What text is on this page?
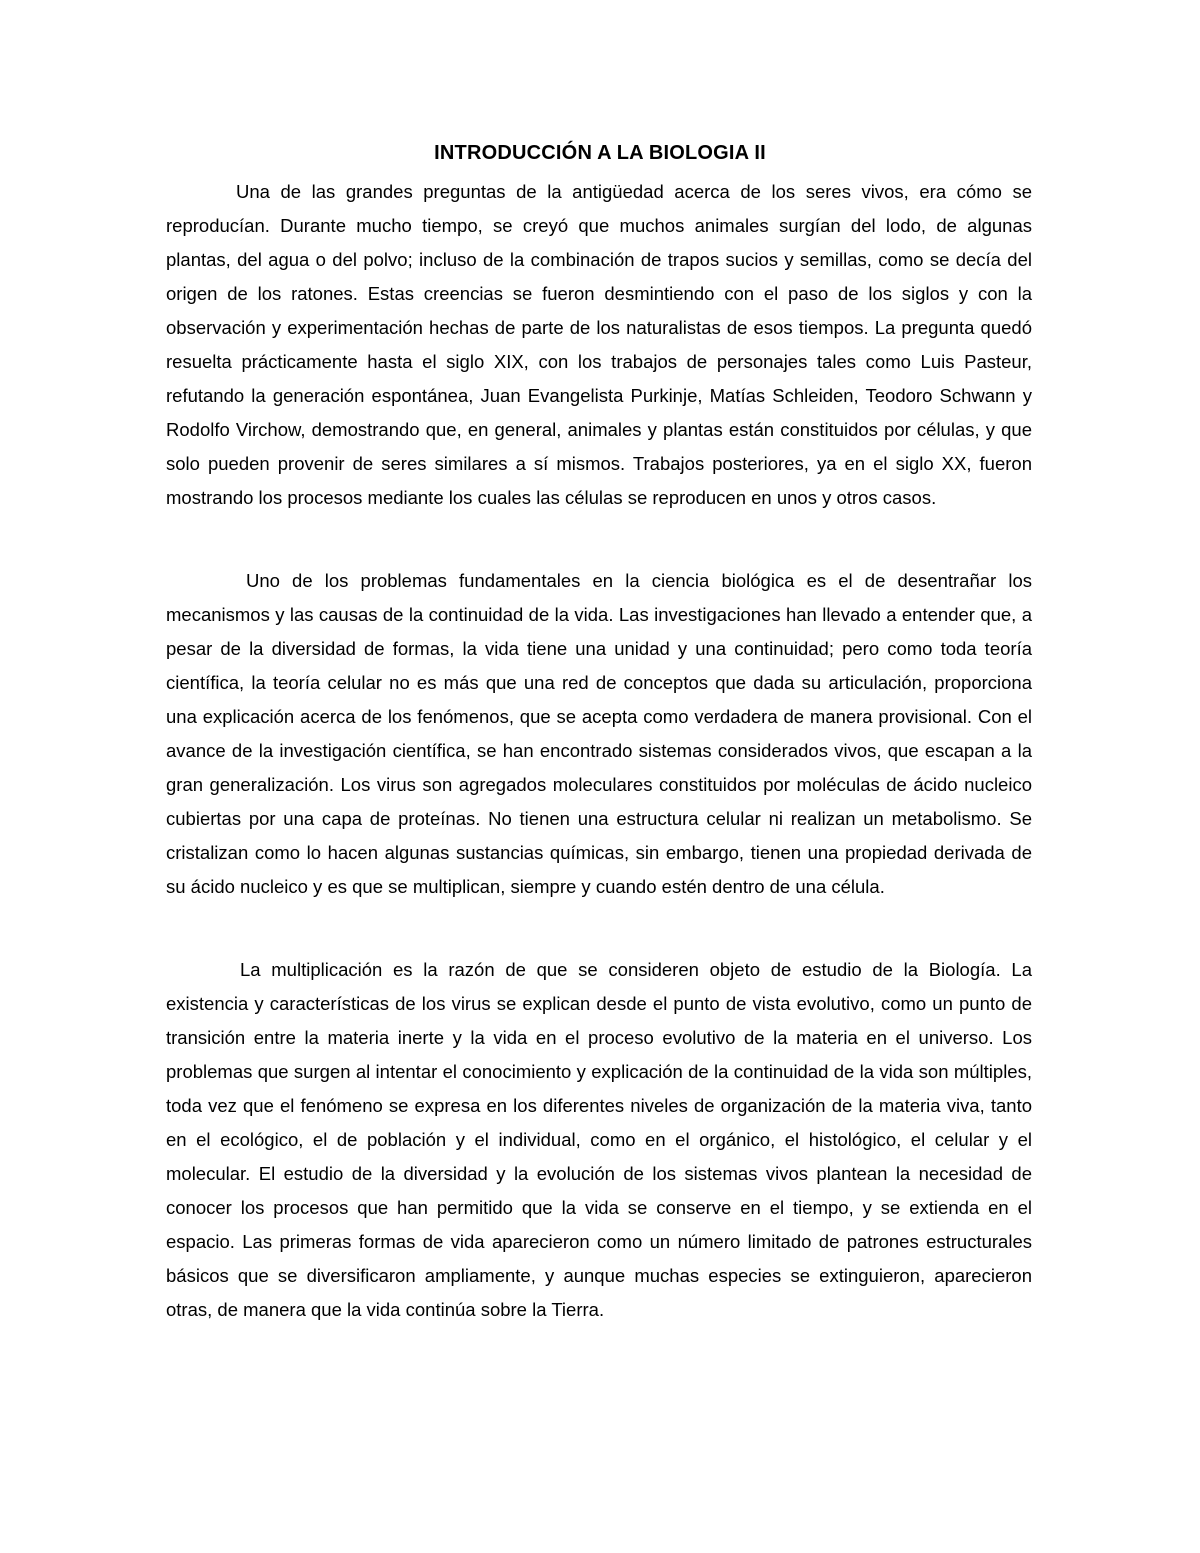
INTRODUCCIÓN A LA BIOLOGIA II

Una de las grandes preguntas de la antigüedad acerca de los seres vivos, era cómo se reproducían. Durante mucho tiempo, se creyó que muchos animales surgían del lodo, de algunas plantas, del agua o del polvo; incluso de la combinación de trapos sucios y semillas, como se decía del origen de los ratones. Estas creencias se fueron desmintiendo con el paso de los siglos y con la observación y experimentación hechas de parte de los naturalistas de esos tiempos. La pregunta quedó resuelta prácticamente hasta el siglo XIX, con los trabajos de personajes tales como Luis Pasteur, refutando la generación espontánea, Juan Evangelista Purkinje, Matías Schleiden, Teodoro Schwann y Rodolfo Virchow, demostrando que, en general, animales y plantas están constituidos por células, y que solo pueden provenir de seres similares a sí mismos. Trabajos posteriores, ya en el siglo XX, fueron mostrando los procesos mediante los cuales las células se reproducen en unos y otros casos.

Uno de los problemas fundamentales en la ciencia biológica es el de desentrañar los mecanismos y las causas de la continuidad de la vida. Las investigaciones han llevado a entender que, a pesar de la diversidad de formas, la vida tiene una unidad y una continuidad; pero como toda teoría científica, la teoría celular no es más que una red de conceptos que dada su articulación, proporciona una explicación acerca de los fenómenos, que se acepta como verdadera de manera provisional. Con el avance de la investigación científica, se han encontrado sistemas considerados vivos, que escapan a la gran generalización. Los virus son agregados moleculares constituidos por moléculas de ácido nucleico cubiertas por una capa de proteínas. No tienen una estructura celular ni realizan un metabolismo. Se cristalizan como lo hacen algunas sustancias químicas, sin embargo, tienen una propiedad derivada de su ácido nucleico y es que se multiplican, siempre y cuando estén dentro de una célula.

La multiplicación es la razón de que se consideren objeto de estudio de la Biología. La existencia y características de los virus se explican desde el punto de vista evolutivo, como un punto de transición entre la materia inerte y la vida en el proceso evolutivo de la materia en el universo. Los problemas que surgen al intentar el conocimiento y explicación de la continuidad de la vida son múltiples, toda vez que el fenómeno se expresa en los diferentes niveles de organización de la materia viva, tanto en el ecológico, el de población y el individual, como en el orgánico, el histológico, el celular y el molecular. El estudio de la diversidad y la evolución de los sistemas vivos plantean la necesidad de conocer los procesos que han permitido que la vida se conserve en el tiempo, y se extienda en el espacio. Las primeras formas de vida aparecieron como un número limitado de patrones estructurales básicos que se diversificaron ampliamente, y aunque muchas especies se extinguieron, aparecieron otras, de manera que la vida continúa sobre la Tierra.
